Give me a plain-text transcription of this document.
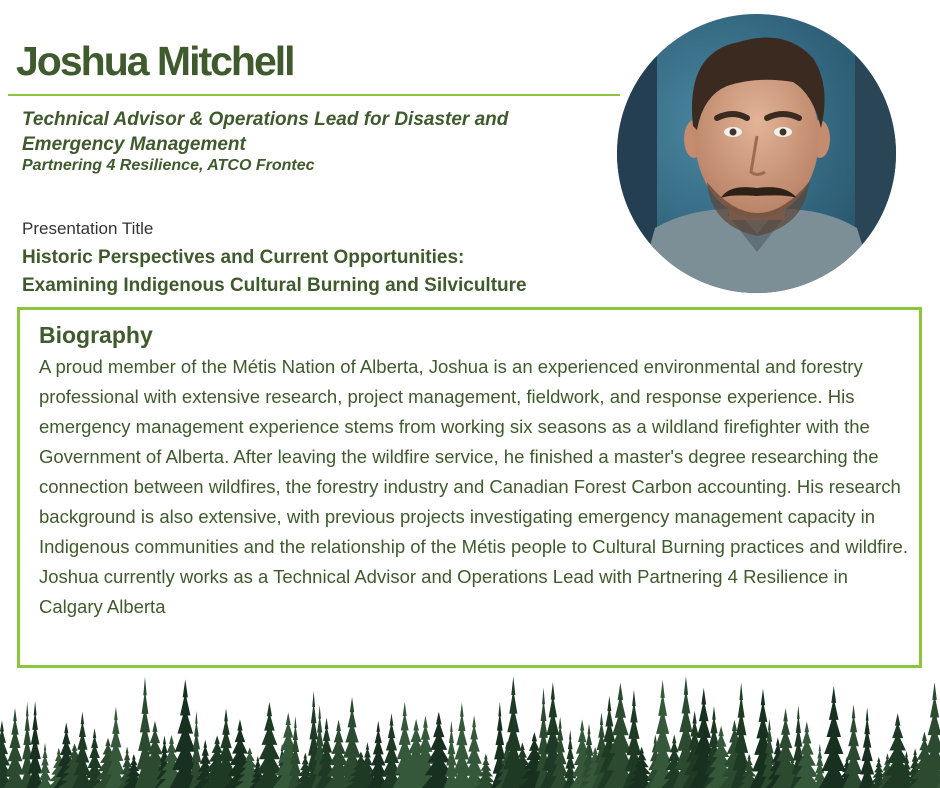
Joshua Mitchell
Technical Advisor & Operations Lead for Disaster and Emergency Management
Partnering 4 Resilience, ATCO Frontec
Presentation Title
Historic Perspectives and Current Opportunities:
Examining Indigenous Cultural Burning and Silviculture
Biography

A proud member of the Métis Nation of Alberta, Joshua is an experienced environmental and forestry professional with extensive research, project management, fieldwork, and response experience. His emergency management experience stems from working six seasons as a wildland firefighter with the Government of Alberta. After leaving the wildfire service, he finished a master's degree researching the connection between wildfires, the forestry industry and Canadian Forest Carbon accounting. His research background is also extensive, with previous projects investigating emergency management capacity in Indigenous communities and the relationship of the Métis people to Cultural Burning practices and wildfire. Joshua currently works as a Technical Advisor and Operations Lead with Partnering 4 Resilience in Calgary Alberta
